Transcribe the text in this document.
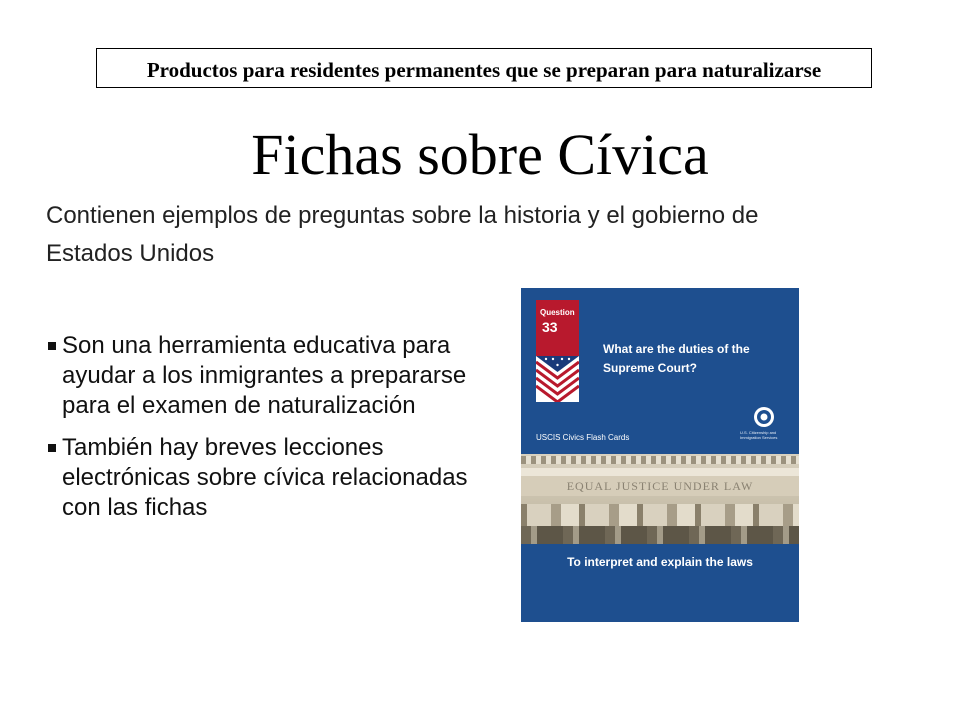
Productos para residentes permanentes que se preparan para naturalizarse
Fichas sobre Cívica
Contienen ejemplos de preguntas sobre la historia y el gobierno de Estados Unidos
Son una herramienta educativa para ayudar a los inmigrantes a prepararse para el examen de naturalización
También hay breves lecciones electrónicas sobre cívica relacionadas con las fichas
Question
33
What are the duties of the Supreme Court?
U.S. Citizenship and Immigration Services
USCIS Civics Flash Cards
EQUAL JUSTICE UNDER LAW
To interpret and explain the laws
